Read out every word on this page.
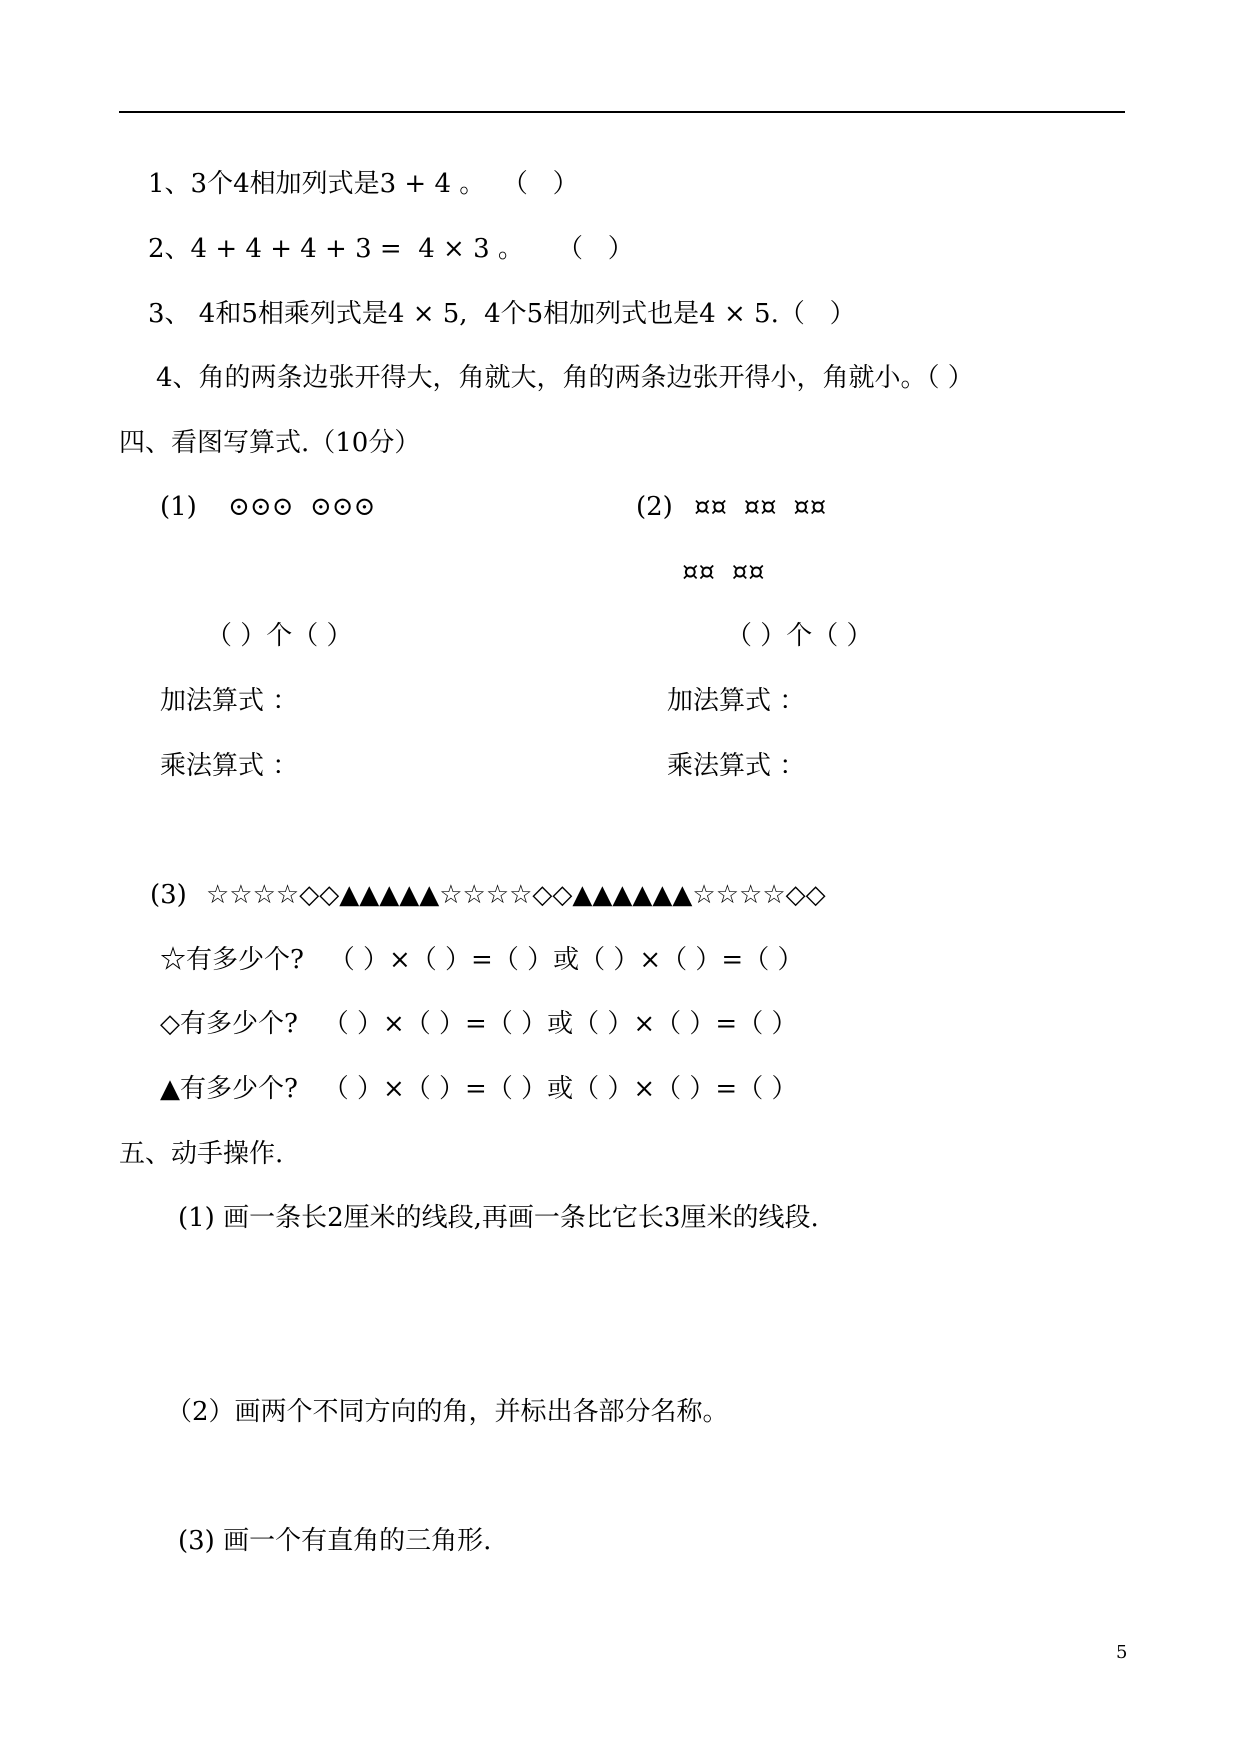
1、3个4相加列式是3 + 4 。  （   ）
2、4 + 4 + 4 + 3 =  4 × 3 。    （   ）
3、 4和5相乘列式是4 × 5,  4个5相加列式也是4 × 5.（   ）
4、角的两条边张开得大，角就大，角的两条边张开得小，角就小。（ ）
四、看图写算式.（10分）
(1) ⊙⊙⊙  ⊙⊙⊙	(2) ¤¤  ¤¤  ¤¤
¤¤  ¤¤
（ ）个（ ）	（ ）个（ ）
加法算式 ：	加法算式 ：
乘法算式 ：	乘法算式 ：
(3) ☆☆☆☆◇◇▲▲▲▲▲☆☆☆☆◇◇▲▲▲▲▲▲☆☆☆☆◇◇
☆有多少个?   （ ）×（ ）=（ ）或（ ）×（ ）=（ ）
◇有多少个?   （ ）×（ ）=（ ）或（ ）×（ ）=（ ）
▲有多少个?   （ ）×（ ）=（ ）或（ ）×（ ）=（ ）
五、动手操作.
(1) 画一条长2厘米的线段,再画一条比它长3厘米的线段.
（2）画两个不同方向的角，并标出各部分名称。
(3) 画一个有直角的三角形.
5
